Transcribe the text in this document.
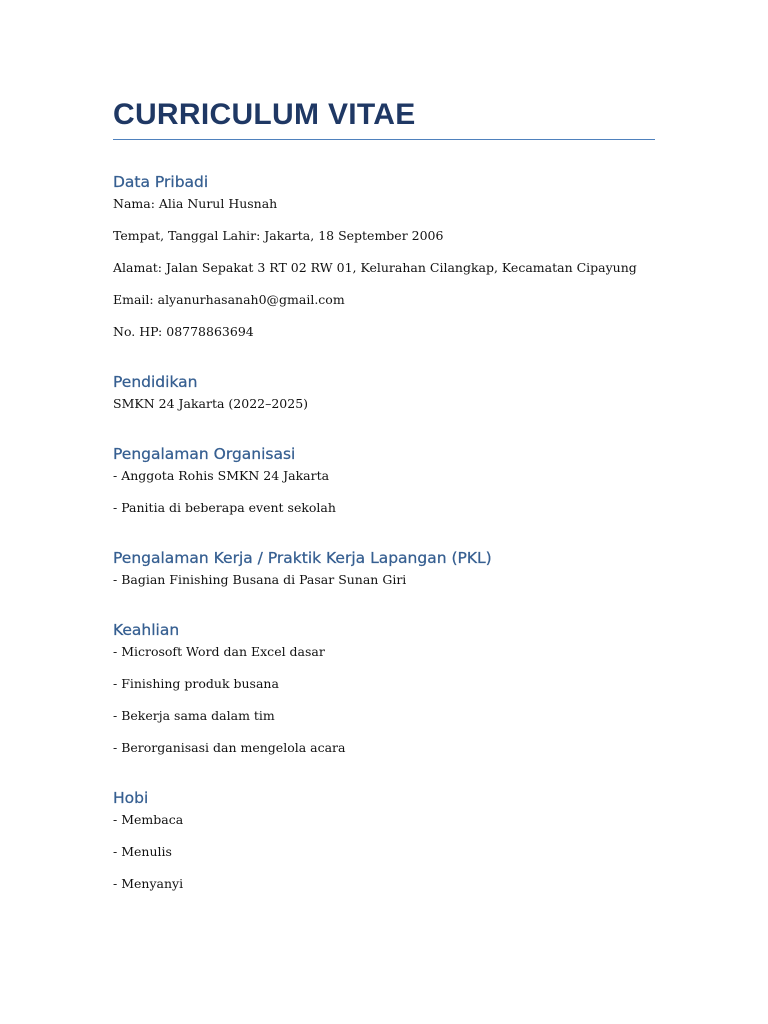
CURRICULUM VITAE
Data Pribadi

Nama: Alia Nurul Husnah

Tempat, Tanggal Lahir: Jakarta, 18 September 2006

Alamat: Jalan Sepakat 3 RT 02 RW 01, Kelurahan Cilangkap, Kecamatan Cipayung

Email: alyanurhasanah0@gmail.com

No. HP: 08778863694

Pendidikan

SMKN 24 Jakarta (2022–2025)

Pengalaman Organisasi

- Anggota Rohis SMKN 24 Jakarta

- Panitia di beberapa event sekolah

Pengalaman Kerja / Praktik Kerja Lapangan (PKL)

- Bagian Finishing Busana di Pasar Sunan Giri

Keahlian

- Microsoft Word dan Excel dasar

- Finishing produk busana

- Bekerja sama dalam tim

- Berorganisasi dan mengelola acara

Hobi

- Membaca

- Menulis

- Menyanyi
